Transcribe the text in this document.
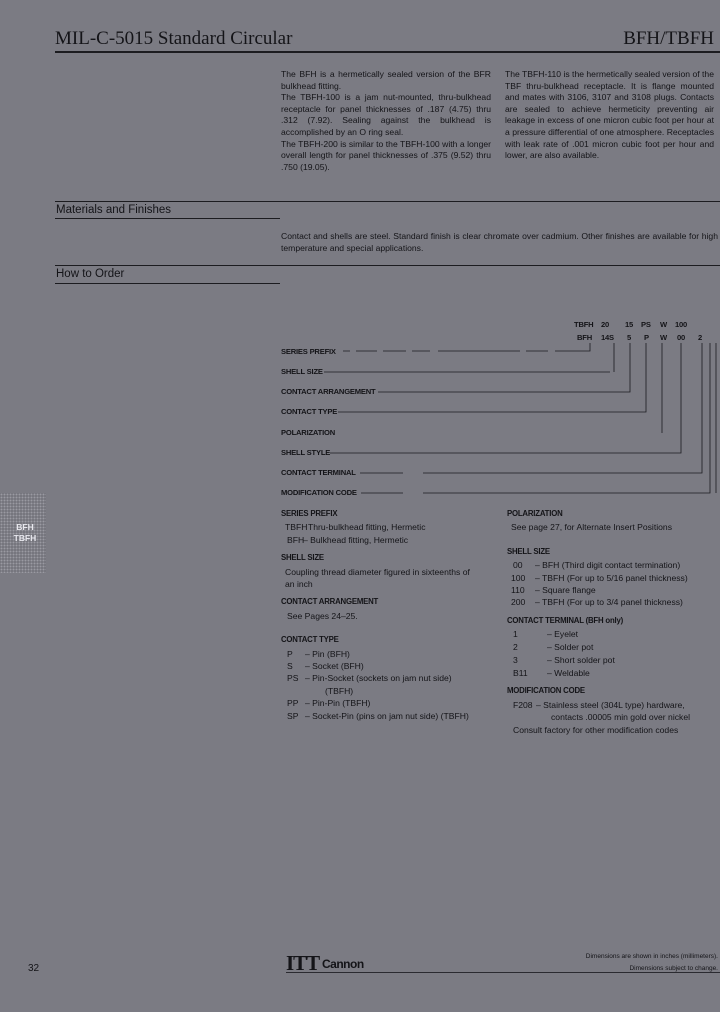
MIL-C-5015 Standard Circular	BFH/TBFH

The BFH is a hermetically sealed version of the BFR bulkhead fitting.

The TBFH-100 is a jam nut-mounted, thru-bulkhead receptacle for panel thicknesses of .187 (4.75) thru .312 (7.92). Sealing against the bulkhead is accomplished by an O ring seal.

The TBFH-200 is similar to the TBFH-100 with a longer overall length for panel thicknesses of .375 (9.52) thru .750 (19.05).

The TBFH-110 is the hermetically sealed version of the TBF thru-bulkhead receptacle. It is flange mounted and mates with 3106, 3107 and 3108 plugs. Contacts are sealed to achieve hermeticity preventing air leakage in excess of one micron cubic foot per hour at a pressure differential of one atmosphere. Receptacles with leak rate of .001 micron cubic foot per hour and lower, are also available.

Materials and Finishes
Contact and shells are steel. Standard finish is clear chromate over cadmium. Other finishes are available for high temperature and special applications.
How to Order
TBFH 20 15 PS W 100
BFH 14S 5 P W 00 2
SERIES PREFIX
SHELL SIZE
CONTACT ARRANGEMENT
CONTACT TYPE
POLARIZATION
SHELL STYLE
CONTACT TERMINAL
MODIFICATION CODE
SERIES PREFIX
TBFH Thru-bulkhead fitting, Hermetic
BFH
– Bulkhead fitting, Hermetic
SHELL SIZE
Coupling thread diameter figured in sixteenths of
an inch
CONTACT ARRANGEMENT
See Pages 24–25.
CONTACT TYPE
P	– Pin (BFH)
S	– Socket (BFH)
PS – Pin-Socket (sockets on jam nut side)
(TBFH)
PP – Pin-Pin (TBFH)
SP – Socket-Pin (pins on jam nut side) (TBFH)
POLARIZATION
See page 27, for Alternate Insert Positions
SHELL SIZE
00	– BFH (Third digit contact termination)
100	– TBFH (For up to 5/16 panel thickness)
110	– Square flange
200	– TBFH (For up to 3/4 panel thickness)
CONTACT TERMINAL (BFH only)
1	– Eyelet
2	– Solder pot
3	– Short solder pot
B11	– Weldable
MODIFICATION CODE
F208 – Stainless steel (304L type) hardware,
contacts .00005 min gold over nickel
Consult factory for other modification codes
BFH
TBFH
32	ITT Cannon
Dimensions are shown in inches (millimeters).
Dimensions subject to change.
